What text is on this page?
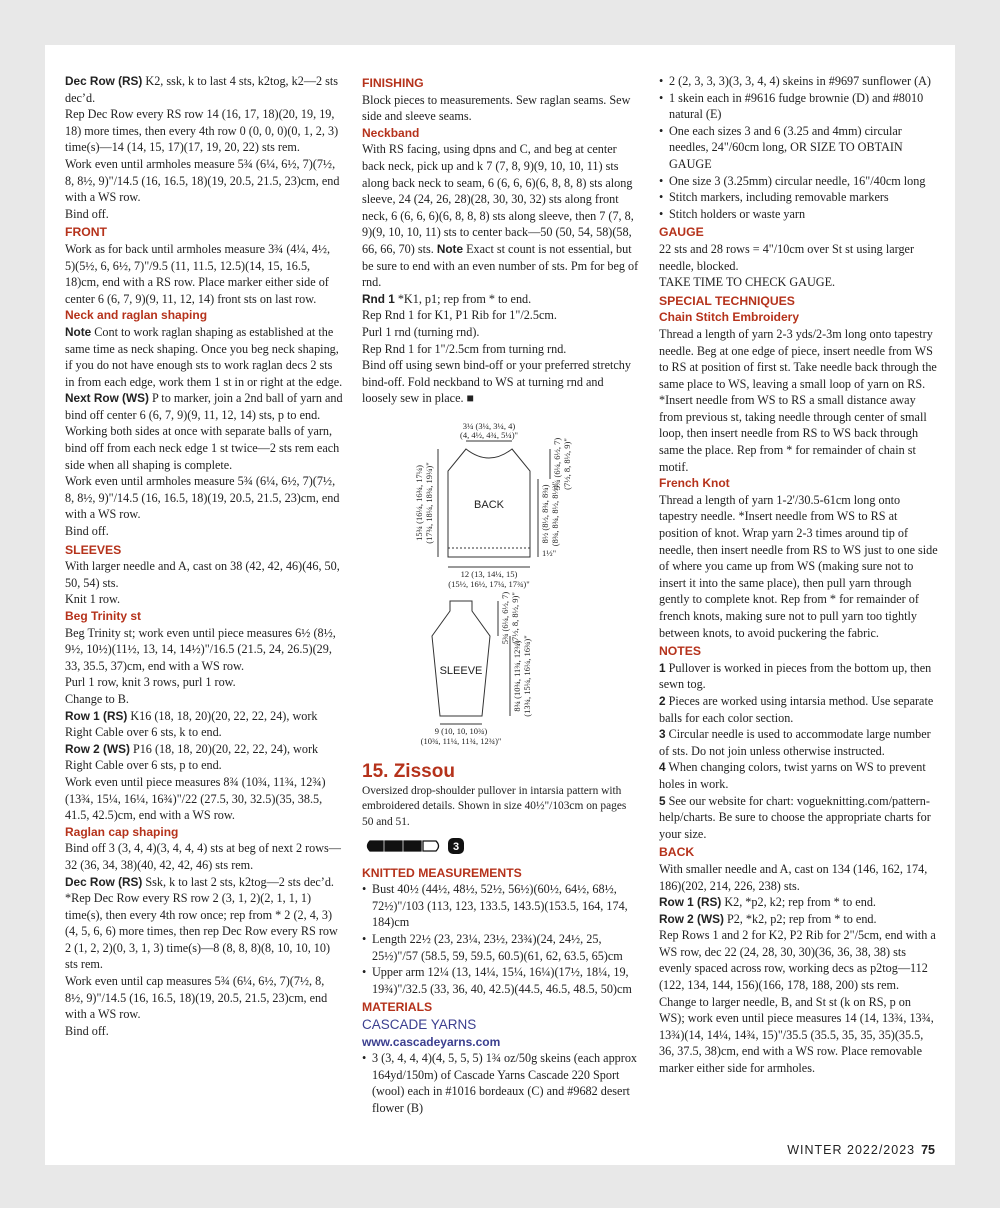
Dec Row (RS) K2, ssk, k to last 4 sts, k2tog, k2—2 sts dec’d.

Rep Dec Row every RS row 14 (16, 17, 18)(20, 19, 19, 18) more times, then every 4th row 0 (0, 0, 0)(0, 1, 2, 3) time(s)—14 (14, 15, 17)(17, 19, 20, 22) sts rem.

Work even until armholes measure 5¾ (6¼, 6½, 7)(7½, 8, 8½, 9)"/14.5 (16, 16.5, 18)(19, 20.5, 21.5, 23)cm, end with a WS row.

Bind off.

FRONT

Work as for back until armholes measure 3¾ (4¼, 4½, 5)(5½, 6, 6½, 7)"/9.5 (11, 11.5, 12.5)(14, 15, 16.5, 18)cm, end with a RS row. Place marker either side of center 6 (6, 7, 9)(9, 11, 12, 14) front sts on last row.

Neck and raglan shaping

Note Cont to work raglan shaping as established at the same time as neck shaping. Once you beg neck shaping, if you do not have enough sts to work raglan decs 2 sts in from each edge, work them 1 st in or right at the edge.

Next Row (WS) P to marker, join a 2nd ball of yarn and bind off center 6 (6, 7, 9)(9, 11, 12, 14) sts, p to end. Working both sides at once with separate balls of yarn, bind off from each neck edge 1 st twice—2 sts rem each side when all shaping is complete.

Work even until armholes measure 5¾ (6¼, 6½, 7)(7½, 8, 8½, 9)"/14.5 (16, 16.5, 18)(19, 20.5, 21.5, 23)cm, end with a WS row.

Bind off.

SLEEVES

With larger needle and A, cast on 38 (42, 42, 46)(46, 50, 50, 54) sts.

Knit 1 row.

Beg Trinity st

Beg Trinity st; work even until piece measures 6½ (8½, 9½, 10½)(11½, 13, 14, 14½)"/16.5 (21.5, 24, 26.5)(29, 33, 35.5, 37)cm, end with a WS row.

Purl 1 row, knit 3 rows, purl 1 row.

Change to B.

Row 1 (RS) K16 (18, 18, 20)(20, 22, 22, 24), work Right Cable over 6 sts, k to end.

Row 2 (WS) P16 (18, 18, 20)(20, 22, 22, 24), work Right Cable over 6 sts, p to end.

Work even until piece measures 8¾ (10¾, 11¾, 12¾)(13¾, 15¼, 16¼, 16¾)"/22 (27.5, 30, 32.5)(35, 38.5, 41.5, 42.5)cm, end with a WS row.

Raglan cap shaping

Bind off 3 (3, 4, 4)(3, 4, 4, 4) sts at beg of next 2 rows—32 (36, 34, 38)(40, 42, 42, 46) sts rem.

Dec Row (RS) Ssk, k to last 2 sts, k2tog—2 sts dec’d.

*Rep Dec Row every RS row 2 (3, 1, 2)(2, 1, 1, 1) time(s), then every 4th row once; rep from * 2 (2, 4, 3)(4, 5, 6, 6) more times, then rep Dec Row every RS row 2 (1, 2, 2)(0, 3, 1, 3) time(s)—8 (8, 8, 8)(8, 10, 10, 10) sts rem.

Work even until cap measures 5¾ (6¼, 6½, 7)(7½, 8, 8½, 9)"/14.5 (16, 16.5, 18)(19, 20.5, 21.5, 23)cm, end with a WS row.

Bind off.

FINISHING

Block pieces to measurements. Sew raglan seams. Sew side and sleeve seams.

Neckband

With RS facing, using dpns and C, and beg at center back neck, pick up and k 7 (7, 8, 9)(9, 10, 10, 11) sts along back neck to seam, 6 (6, 6, 6)(6, 8, 8, 8) sts along sleeve, 24 (24, 26, 28)(28, 30, 30, 32) sts along front neck, 6 (6, 6, 6)(6, 8, 8, 8) sts along sleeve, then 7 (7, 8, 9)(9, 10, 10, 11) sts to center back—50 (50, 54, 58)(58, 66, 66, 70) sts. Note Exact st count is not essential, but be sure to end with an even number of sts. Pm for beg of rnd.

Rnd 1 *K1, p1; rep from * to end.

Rep Rnd 1 for K1, P1 Rib for 1"/2.5cm.

Purl 1 rnd (turning rnd).

Rep Rnd 1 for 1"/2.5cm from turning rnd.

Bind off using sewn bind-off or your preferred stretchy bind-off. Fold neckband to WS at turning rnd and loosely sew in place. ■

3¼ (3¼, 3¼, 4)
(4, 4½, 4¾, 5¼)"
BACK
15¾ (16¼, 16¾, 17¼) (17¾, 18¼, 18¾, 19¼)"	8½ (8½, 8¾, 8¾) (8¾, 8¾, 8½, 8½)"
5¾ (6¼, 6½, 7) (7½, 8, 8½, 9)"
1½"
12 (13, 14¼, 15)
(15½, 16½, 17¼, 17¾)"
SLEEVE
5¾ (6¼, 6½, 7) (7½, 8, 8½, 9)"
8¾ (10¾, 11¾, 12¾) (13¾, 15¼, 16¼, 16¾)"
9 (10, 10, 10¾)
(10¾, 11¼, 11¾, 12¾)"
15. Zissou
Oversized drop-shoulder pullover in intarsia pattern with embroidered details. Shown in size 40½"/103cm on pages 50 and 51.
3
KNITTED MEASUREMENTS
• Bust 40½ (44½, 48½, 52½, 56½)(60½, 64½, 68½, 72½)"/103 (113, 123, 133.5, 143.5)(153.5, 164, 174, 184)cm
• Length 22½ (23, 23¼, 23½, 23¾)(24, 24½, 25, 25½)"/57 (58.5, 59, 59.5, 60.5)(61, 62, 63.5, 65)cm
• Upper arm 12¼ (13, 14¼, 15¼, 16¼)(17½, 18¼, 19, 19¾)"/32.5 (33, 36, 40, 42.5)(44.5, 46.5, 48.5, 50)cm
MATERIALS
CASCADE YARNS
www.cascadeyarns.com
• 3 (3, 4, 4, 4)(4, 5, 5, 5) 1¾ oz/50g skeins (each approx 164yd/150m) of Cascade Yarns Cascade 220 Sport (wool) each in #1016 bordeaux (C) and #9682 desert flower (B)
• 2 (2, 3, 3, 3)(3, 3, 4, 4) skeins in #9697 sunflower (A)
• 1 skein each in #9616 fudge brownie (D) and #8010 natural (E)
• One each sizes 3 and 6 (3.25 and 4mm) circular needles, 24"/60cm long, OR SIZE TO OBTAIN GAUGE
• One size 3 (3.25mm) circular needle, 16"/40cm long
• Stitch markers, including removable markers
• Stitch holders or waste yarn
GAUGE

22 sts and 28 rows = 4"/10cm over St st using larger needle, blocked.

TAKE TIME TO CHECK GAUGE.

SPECIAL TECHNIQUES
Chain Stitch Embroidery

Thread a length of yarn 2-3 yds/2-3m long onto tapestry needle. Beg at one edge of piece, insert needle from WS to RS at position of first st. Take needle back through the same place to WS, leaving a small loop of yarn on RS. *Insert needle from WS to RS a small distance away from previous st, taking needle through center of small loop, then insert needle from RS to WS back through same the place. Rep from * for remainder of chain st motif.

French Knot

Thread a length of yarn 1-2'/30.5-61cm long onto tapestry needle. *Insert needle from WS to RS at position of knot. Wrap yarn 2-3 times around tip of needle, then insert needle from RS to WS just to one side of where you came up from WS (making sure not to insert it into the same place), then pull yarn through gently to complete knot. Rep from * for remainder of french knots, making sure not to pull yarn too tightly between knots, to avoid puckering the fabric.

NOTES

1 Pullover is worked in pieces from the bottom up, then sewn tog.

2 Pieces are worked using intarsia method. Use separate balls for each color section.

3 Circular needle is used to accommodate large number of sts. Do not join unless otherwise instructed.

4 When changing colors, twist yarns on WS to prevent holes in work.

5 See our website for chart: vogueknitting.com/pattern-help/charts. Be sure to choose the appropriate charts for your size.

BACK

With smaller needle and A, cast on 134 (146, 162, 174, 186)(202, 214, 226, 238) sts.

Row 1 (RS) K2, *p2, k2; rep from * to end.

Row 2 (WS) P2, *k2, p2; rep from * to end.

Rep Rows 1 and 2 for K2, P2 Rib for 2"/5cm, end with a WS row, dec 22 (24, 28, 30, 30)(36, 36, 38, 38) sts evenly spaced across row, working decs as p2tog—112 (122, 134, 144, 156)(166, 178, 188, 200) sts rem.

Change to larger needle, B, and St st (k on RS, p on WS); work even until piece measures 14 (14, 13¾, 13¾, 13¾)(14, 14¼, 14¾, 15)"/35.5 (35.5, 35, 35, 35)(35.5, 36, 37.5, 38)cm, end with a WS row. Place removable marker either side for armholes.

WINTER 2022/2023 75
